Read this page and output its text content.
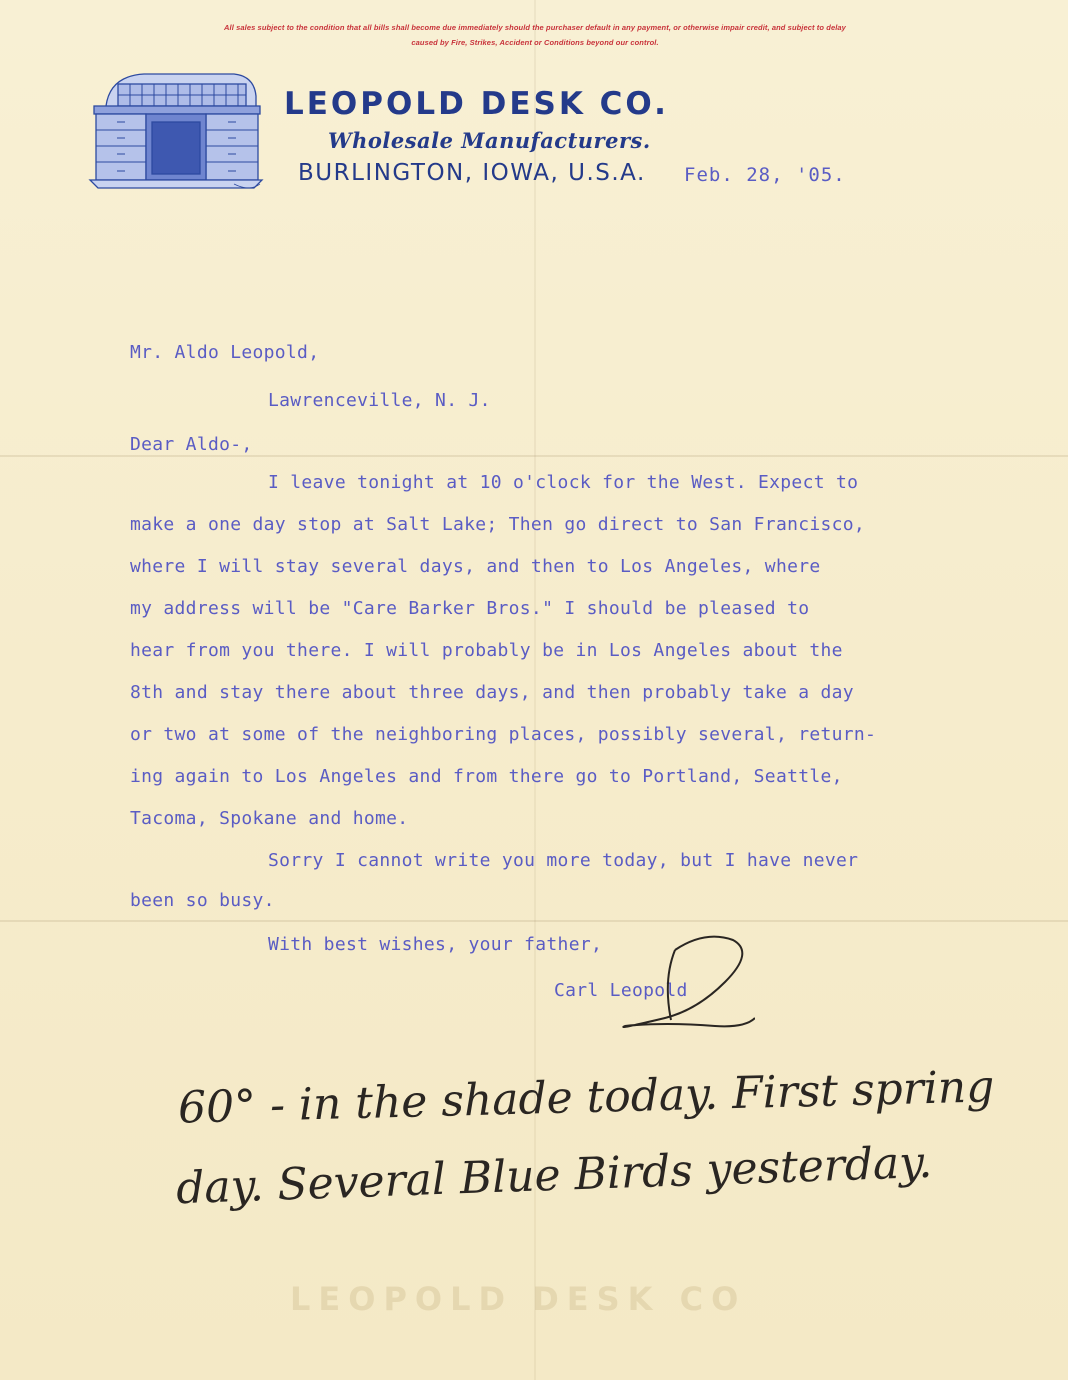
All sales subject to the condition that all bills shall become due immediately should the purchaser default in any payment, or otherwise impair credit, and subject to delay
caused by Fire, Strikes, Accident or Conditions beyond our control.
LEOPOLD DESK CO.
Wholesale Manufacturers.
BURLINGTON, IOWA, U.S.A. Feb. 28, '05.
Mr. Aldo Leopold,
Lawrenceville, N. J.
Dear Aldo-,
I leave tonight at 10 o'clock for the West. Expect to
make a one day stop at Salt Lake; Then go direct to San Francisco,
where I will stay several days, and then to Los Angeles, where
my address will be "Care Barker Bros." I should be pleased to
hear from you there. I will probably be in Los Angeles about the
8th and stay there about three days, and then probably take a day
or two at some of the neighboring places, possibly several, return-
ing again to Los Angeles and from there go to Portland, Seattle,
Tacoma, Spokane and home.
Sorry I cannot write you more today, but I have never
been so busy.
With best wishes, your father,
Carl Leopold
60° - in the shade today. First spring
day. Several Blue Birds yesterday.
LEOPOLD DESK CO
